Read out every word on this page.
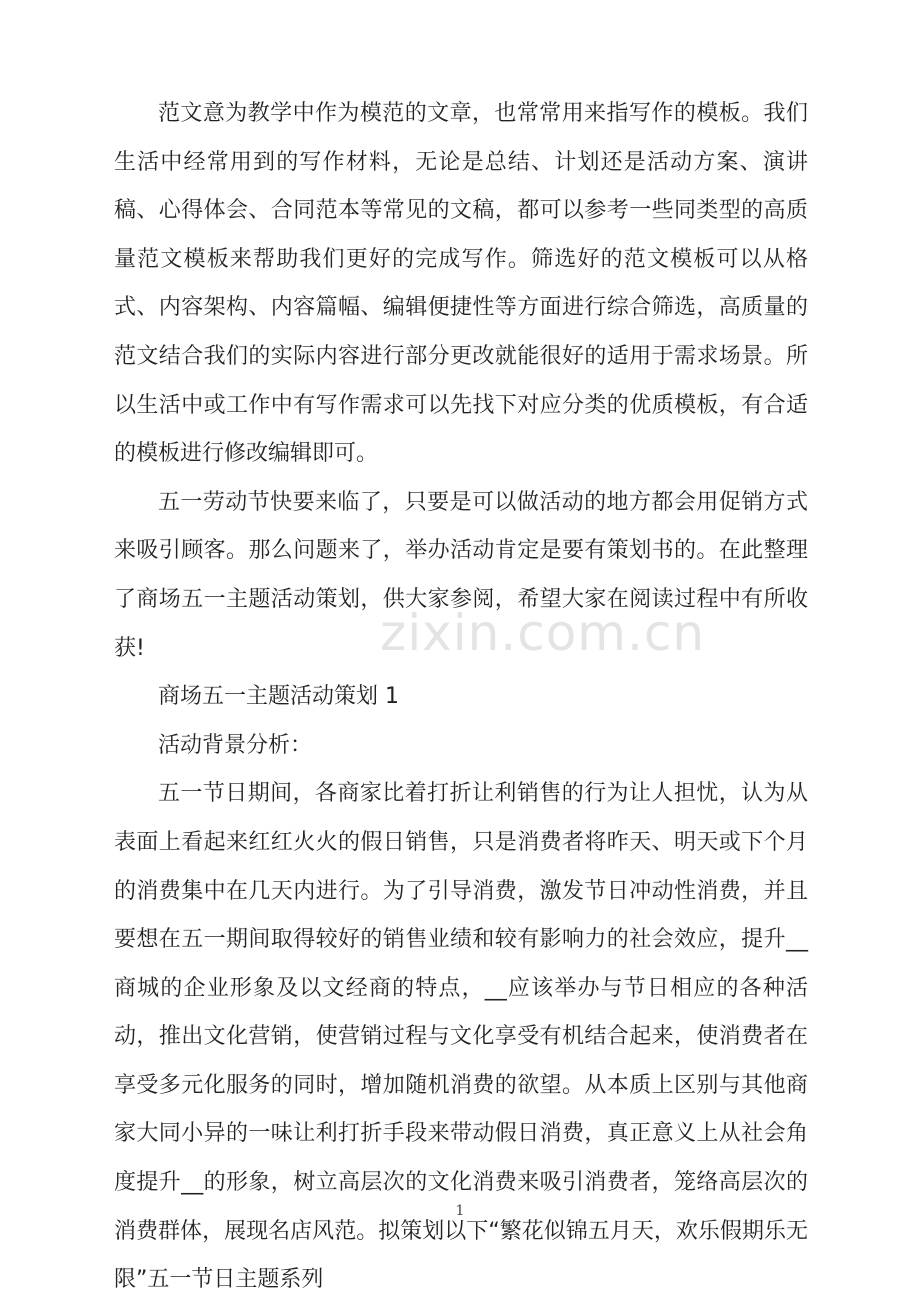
zixin.com.cn

范文意为教学中作为模范的文章，也常常用来指写作的模板。我们生活中经常用到的写作材料，无论是总结、计划还是活动方案、演讲稿、心得体会、合同范本等常见的文稿，都可以参考一些同类型的高质量范文模板来帮助我们更好的完成写作。筛选好的范文模板可以从格式、内容架构、内容篇幅、编辑便捷性等方面进行综合筛选，高质量的范文结合我们的实际内容进行部分更改就能很好的适用于需求场景。所以生活中或工作中有写作需求可以先找下对应分类的优质模板，有合适的模板进行修改编辑即可。

五一劳动节快要来临了，只要是可以做活动的地方都会用促销方式来吸引顾客。那么问题来了，举办活动肯定是要有策划书的。在此整理了商场五一主题活动策划，供大家参阅，希望大家在阅读过程中有所收获!

商场五一主题活动策划 1

活动背景分析：

五一节日期间，各商家比着打折让利销售的行为让人担忧，认为从表面上看起来红红火火的假日销售，只是消费者将昨天、明天或下个月的消费集中在几天内进行。为了引导消费，激发节日冲动性消费，并且要想在五一期间取得较好的销售业绩和较有影响力的社会效应，提升__商城的企业形象及以文经商的特点，__应该举办与节日相应的各种活动，推出文化营销，使营销过程与文化享受有机结合起来，使消费者在享受多元化服务的同时，增加随机消费的欲望。从本质上区别与其他商家大同小异的一味让利打折手段来带动假日消费，真正意义上从社会角度提升__的形象，树立高层次的文化消费来吸引消费者，笼络高层次的消费群体，展现名店风范。拟策划以下“繁花似锦五月天，欢乐假期乐无限”五一节日主题系列

1
